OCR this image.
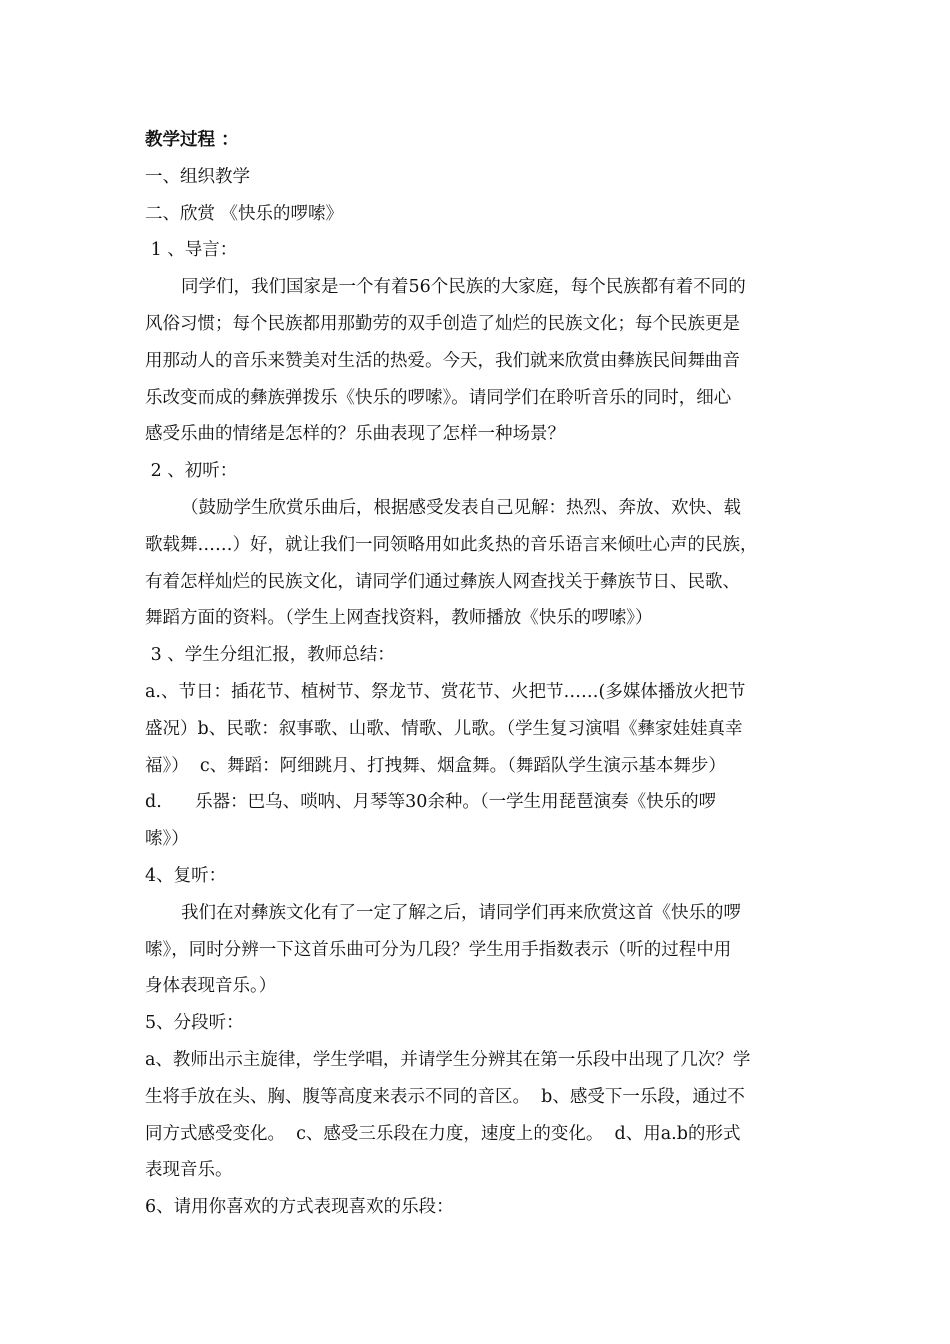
教学过程 ：

一、组织教学

二、欣赏 《快乐的啰嗦》

1 、导言：

同学们，我们国家是一个有着56个民族的大家庭，每个民族都有着不同的

风俗习惯；每个民族都用那勤劳的双手创造了灿烂的民族文化；每个民族更是

用那动人的音乐来赞美对生活的热爱。今天，我们就来欣赏由彝族民间舞曲音

乐改变而成的彝族弹拨乐《快乐的啰嗦》。请同学们在聆听音乐的同时，细心

感受乐曲的情绪是怎样的？乐曲表现了怎样一种场景？

2 、初听：

（鼓励学生欣赏乐曲后，根据感受发表自己见解：热烈、奔放、欢快、载

歌载舞……）好，就让我们一同领略用如此炙热的音乐语言来倾吐心声的民族，

有着怎样灿烂的民族文化，请同学们通过彝族人网查找关于彝族节日、民歌、

舞蹈方面的资料。（学生上网查找资料，教师播放《快乐的啰嗦》）

3 、学生分组汇报，教师总结：

a.、节日：插花节、植树节、祭龙节、赏花节、火把节……(多媒体播放火把节

盛况）b、民歌：叙事歌、山歌、情歌、儿歌。（学生复习演唱《彝家娃娃真幸

福》）  c、舞蹈：阿细跳月、打拽舞、烟盒舞。（舞蹈队学生演示基本舞步）

d.      乐器：巴乌、唢呐、月琴等30余种。（一学生用琵琶演奏《快乐的啰

嗦》）

4、复听：

我们在对彝族文化有了一定了解之后，请同学们再来欣赏这首《快乐的啰

嗦》，同时分辨一下这首乐曲可分为几段？学生用手指数表示（听的过程中用

身体表现音乐。）

5、分段听：

a、教师出示主旋律，学生学唱，并请学生分辨其在第一乐段中出现了几次？学

生将手放在头、胸、腹等高度来表示不同的音区。  b、感受下一乐段，通过不

同方式感受变化。  c、感受三乐段在力度，速度上的变化。  d、用a.b的形式

表现音乐。

6、请用你喜欢的方式表现喜欢的乐段：
